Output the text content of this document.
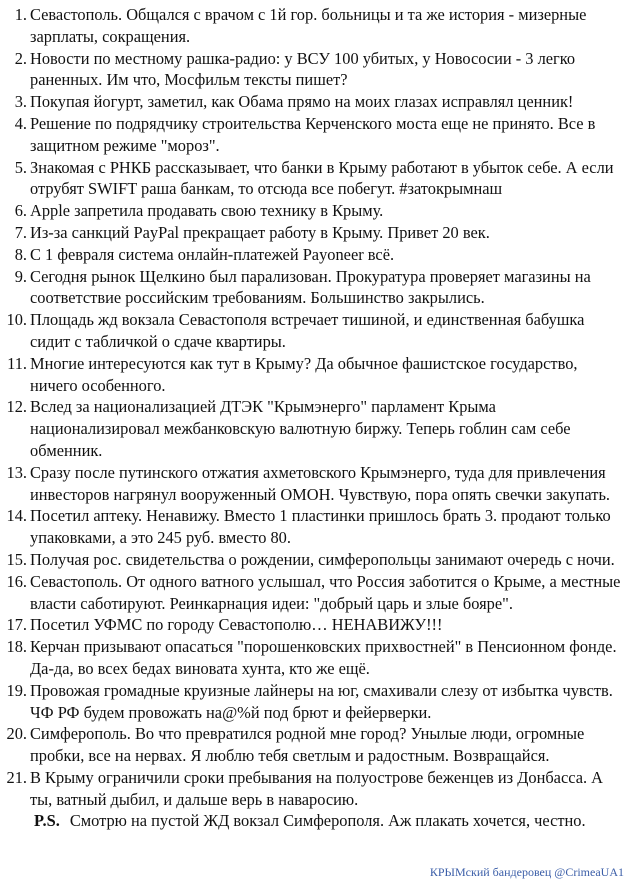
1. Севастополь. Общался с врачом с 1й гор. больницы и та же история - мизерные зарплаты, сокращения.
2. Новости по местному рашка-радио: у ВСУ 100 убитых, у Новососии - 3 легко раненных. Им что, Мосфильм тексты пишет?
3. Покупая йогурт, заметил, как Обама прямо на моих глазах исправлял ценник!
4. Решение по подрядчику строительства Керченского моста еще не принято. Все в защитном режиме "мороз".
5. Знакомая с РНКБ рассказывает, что банки в Крыму работают в убыток себе. А если отрубят SWIFT раша банкам, то отсюда все побегут. #затокрымнаш
6. Apple запретила продавать свою технику в Крыму.
7. Из-за санкций PayPal прекращает работу в Крыму. Привет 20 век.
8. С 1 февраля система онлайн-платежей Payoneer всё.
9. Сегодня рынок Щелкино был парализован. Прокуратура проверяет магазины на соответствие российским требованиям. Большинство закрылись.
10. Площадь жд вокзала Севастополя встречает тишиной, и единственная бабушка сидит с табличкой о сдаче квартиры.
11. Многие интересуются как тут в Крыму? Да обычное фашистское государство, ничего особенного.
12. Вслед за национализацией ДТЭК "Крымэнерго" парламент Крыма национализировал межбанковскую валютную биржу. Теперь гоблин сам себе обменник.
13. Сразу после путинского отжатия ахметовского Крымэнерго, туда для привлечения инвесторов нагрянул вооруженный ОМОН. Чувствую, пора опять свечки закупать.
14. Посетил аптеку. Ненавижу. Вместо 1 пластинки пришлось брать 3. продают только упаковками, а это 245 руб. вместо 80.
15. Получая рос. свидетельства о рождении, симферопольцы занимают очередь с ночи.
16. Севастополь. От одного ватного услышал, что Россия заботится о Крыме, а местные власти саботируют. Реинкарнация идеи: "добрый царь и злые бояре".
17. Посетил УФМС по городу Севастополю… НЕНАВИЖУ!!!
18. Керчан призывают опасаться "порошенковских прихвостней" в Пенсионном фонде. Да-да, во всех бедах виновата хунта, кто же ещё.
19. Провожая громадные круизные лайнеры на юг, смахивали слезу от избытка чувств. ЧФ РФ будем провожать на@%й под брют и фейерверки.
20. Симферополь. Во что превратился родной мне город? Унылые люди, огромные пробки, все на нервах. Я люблю тебя светлым и радостным. Возвращайся.
21. В Крыму ограничили сроки пребывания на полуострове беженцев из Донбасса. А ты, ватный дыбил, и дальше верь в наваросию.
P.S. Смотрю на пустой ЖД вокзал Симферополя. Аж плакать хочется, честно.
КРЫМский бандеровец @CrimeaUA1
